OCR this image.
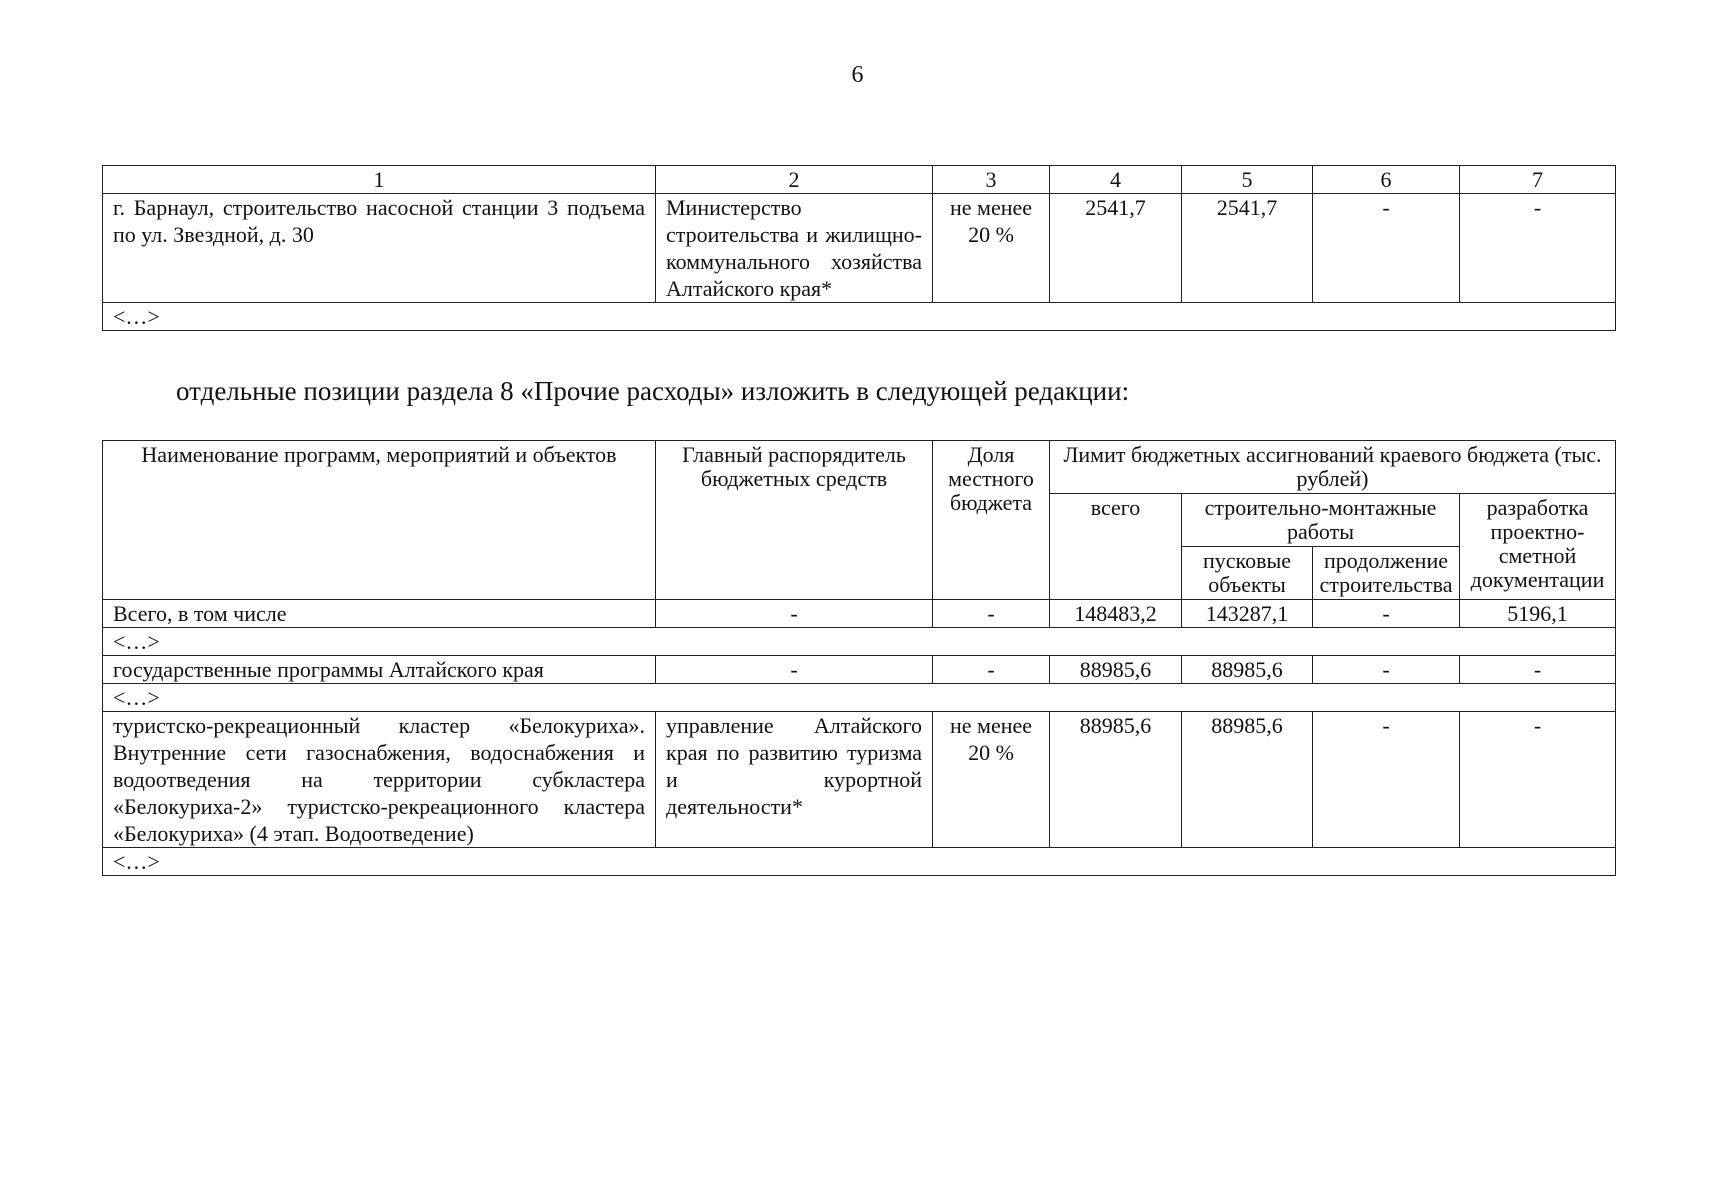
6
1	2	3	4	5	6	7
г. Барнаул, строительство насосной станции 3 подъема по ул. Звездной, д. 30	Министерство строительства и жилищно-коммунального хозяйства Алтайского края*	не менее 20 %	2541,7	2541,7	-	-
<…>						
отдельные позиции раздела 8 «Прочие расходы» изложить в следующей редакции:
Наименование программ, мероприятий и объектов	Главный распорядитель бюджетных средств	Доля местного бюджета	Лимит бюджетных ассигнований краевого бюджета (тыс. рублей)			
			всего	строительно-монтажные работы		разработка проектно-сметной документации
				пусковые объекты	продолжение строительства	
Всего, в том числе	-	-	148483,2	143287,1	-	5196,1
<…>						
государственные программы Алтайского края	-	-	88985,6	88985,6	-	-
<…>						
туристско-рекреационный кластер «Белокуриха». Внутренние сети газоснабжения, водоснабжения и водоотведения на территории субкластера «Белокуриха-2» туристско-рекреационного кластера «Белокуриха» (4 этап. Водоотведение)	управление Алтайского края по развитию туризма и курортной деятельности*	не менее 20 %	88985,6	88985,6	-	-
<…>						
